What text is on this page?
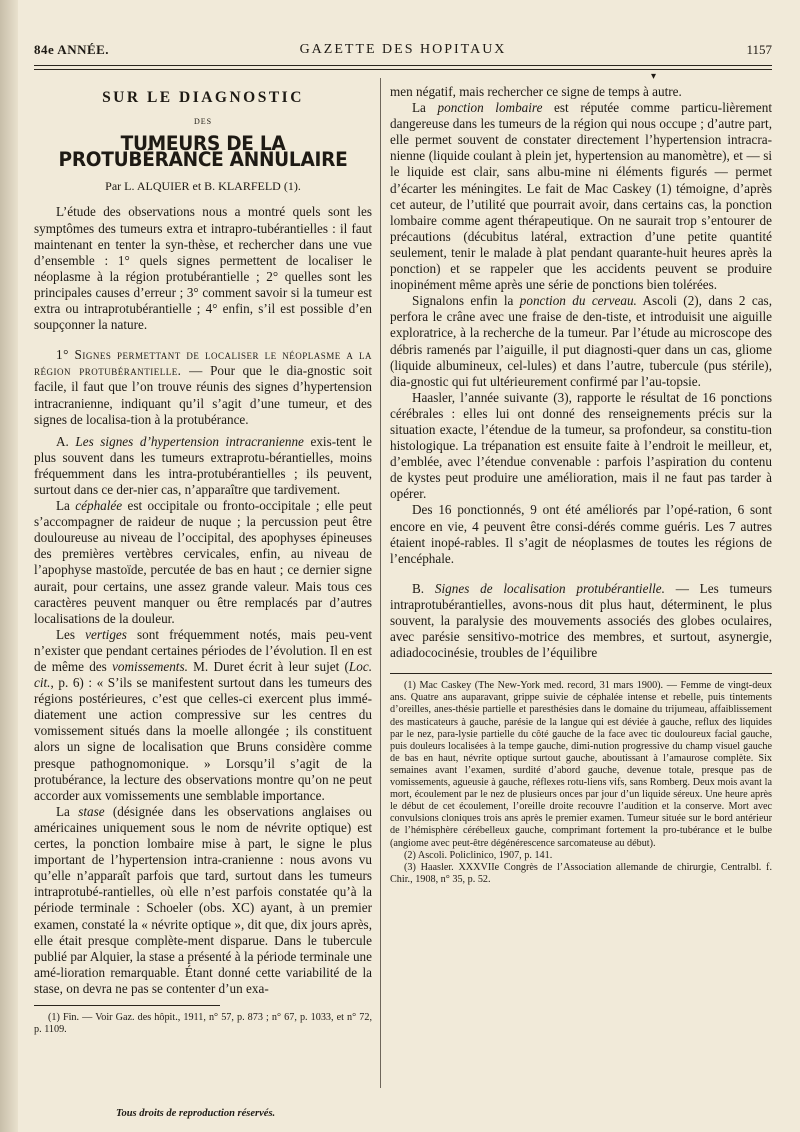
84e ANNÉE.	GAZETTE DES HOPITAUX	1157
▾
SUR LE DIAGNOSTIC
DES
TUMEURS DE LA PROTUBÉRANCE ANNULAIRE
Par L. ALQUIER et B. KLARFELD (1).

L’étude des observations nous a montré quels sont les symptômes des tumeurs extra et intrapro-tubérantielles : il faut maintenant en tenter la syn-thèse, et rechercher dans une vue d’ensemble : 1° quels signes permettent de localiser le néoplasme à la région protubérantielle ; 2° quelles sont les principales causes d’erreur ; 3° comment savoir si la tumeur est extra ou intraprotubérantielle ; 4° enfin, s’il est possible d’en soupçonner la nature.

1° Signes permettant de localiser le néoplasme a la région protubérantielle. — Pour que le dia-gnostic soit facile, il faut que l’on trouve réunis des signes d’hypertension intracranienne, indiquant qu’il s’agit d’une tumeur, et des signes de localisa-tion à la protubérance.

A. Les signes d’hypertension intracranienne exis-tent le plus souvent dans les tumeurs extraprotu-bérantielles, moins fréquemment dans les intra-protubérantielles ; ils peuvent, surtout dans ce der-nier cas, n’apparaître que tardivement.

La céphalée est occipitale ou fronto-occipitale ; elle peut s’accompagner de raideur de nuque ; la percussion peut être douloureuse au niveau de l’occipital, des apophyses épineuses des premières vertèbres cervicales, enfin, au niveau de l’apophyse mastoïde, percutée de bas en haut ; ce dernier signe aurait, pour certains, une assez grande valeur. Mais tous ces caractères peuvent manquer ou être remplacés par d’autres localisations de la douleur.

Les vertiges sont fréquemment notés, mais peu-vent n’exister que pendant certaines périodes de l’évolution. Il en est de même des vomissements. M. Duret écrit à leur sujet (Loc. cit., p. 6) : « S’ils se manifestent surtout dans les tumeurs des régions postérieures, c’est que celles-ci exercent plus immé-diatement une action compressive sur les centres du vomissement situés dans la moelle allongée ; ils constituent alors un signe de localisation que Bruns considère comme presque pathognomonique. » Lorsqu’il s’agit de la protubérance, la lecture des observations montre qu’on ne peut accorder aux vomissements une semblable importance.

La stase (désignée dans les observations anglaises ou américaines uniquement sous le nom de névrite optique) est certes, la ponction lombaire mise à part, le signe le plus important de l’hypertension intra-cranienne : nous avons vu qu’elle n’apparaît parfois que tard, surtout dans les tumeurs intraprotubé-rantielles, où elle n’est parfois constatée qu’à la période terminale : Schoeler (obs. XC) ayant, à un premier examen, constaté la « névrite optique », dit que, dix jours après, elle était presque complète-ment disparue. Dans le tubercule publié par Alquier, la stase a présenté à la période terminale une amé-lioration remarquable. Étant donné cette variabilité de la stase, on devra ne pas se contenter d’un exa-

(1) Fin. — Voir Gaz. des hôpit., 1911, n° 57, p. 873 ; n° 67, p. 1033, et n° 72, p. 1109.

men négatif, mais rechercher ce signe de temps à autre.

La ponction lombaire est réputée comme particu-lièrement dangereuse dans les tumeurs de la région qui nous occupe ; d’autre part, elle permet souvent de constater directement l’hypertension intracra-nienne (liquide coulant à plein jet, hypertension au manomètre), et — si le liquide est clair, sans albu-mine ni éléments figurés — permet d’écarter les méningites. Le fait de Mac Caskey (1) témoigne, d’après cet auteur, de l’utilité que pourrait avoir, dans certains cas, la ponction lombaire comme agent thérapeutique. On ne saurait trop s’entourer de précautions (décubitus latéral, extraction d’une petite quantité seulement, tenir le malade à plat pendant quarante-huit heures après la ponction) et se rappeler que les accidents peuvent se produire inopinément même après une série de ponctions bien tolérées.

Signalons enfin la ponction du cerveau. Ascoli (2), dans 2 cas, perfora le crâne avec une fraise de den-tiste, et introduisit une aiguille exploratrice, à la recherche de la tumeur. Par l’étude au microscope des débris ramenés par l’aiguille, il put diagnosti-quer dans un cas, gliome (liquide albumineux, cel-lules) et dans l’autre, tubercule (pus stérile), dia-gnostic qui fut ultérieurement confirmé par l’au-topsie.

Haasler, l’année suivante (3), rapporte le résultat de 16 ponctions cérébrales : elles lui ont donné des renseignements précis sur la situation exacte, l’étendue de la tumeur, sa profondeur, sa constitu-tion histologique. La trépanation est ensuite faite à l’endroit le meilleur, et, d’emblée, avec l’étendue convenable : parfois l’aspiration du contenu de kystes peut produire une amélioration, mais il ne faut pas tarder à opérer.

Des 16 ponctionnés, 9 ont été améliorés par l’opé-ration, 6 sont encore en vie, 4 peuvent être consi-dérés comme guéris. Les 7 autres étaient inopé-rables. Il s’agit de néoplasmes de toutes les régions de l’encéphale.

B. Signes de localisation protubérantielle. — Les tumeurs intraprotubérantielles, avons-nous dit plus haut, déterminent, le plus souvent, la paralysie des mouvements associés des globes oculaires, avec parésie sensitivo-motrice des membres, et surtout, asynergie, adiadococinésie, troubles de l’équilibre

(1) Mac Caskey (The New-York med. record, 31 mars 1900). — Femme de vingt-deux ans. Quatre ans auparavant, grippe suivie de céphalée intense et rebelle, puis tintements d’oreilles, anes-thésie partielle et paresthésies dans le domaine du trijumeau, affaiblissement des masticateurs à gauche, parésie de la langue qui est déviée à gauche, reflux des liquides par le nez, para-lysie partielle du côté gauche de la face avec tic douloureux facial gauche, puis douleurs localisées à la tempe gauche, dimi-nution progressive du champ visuel gauche de bas en haut, névrite optique surtout gauche, aboutissant à l’amaurose complète. Six semaines avant l’examen, surdité d’abord gauche, devenue totale, presque pas de vomissements, agueusie à gauche, réflexes rotu-liens vifs, sans Romberg. Deux mois avant la mort, écoulement par le nez de plusieurs onces par jour d’un liquide séreux. Une heure après le début de cet écoulement, l’oreille droite recouvre l’audition et la conserve. Mort avec convulsions cloniques trois ans après le premier examen. Tumeur située sur le bord antérieur de l’hémisphère cérébelleux gauche, comprimant fortement la pro-tubérance et le bulbe (angiome avec peut-être dégénérescence sarcomateuse au début).

(2) Ascoli. Policlinico, 1907, p. 141.

(3) Haasler. XXXVIIe Congrès de l’Association allemande de chirurgie, Centralbl. f. Chir., 1908, n° 35, p. 52.

Tous droits de reproduction réservés.
